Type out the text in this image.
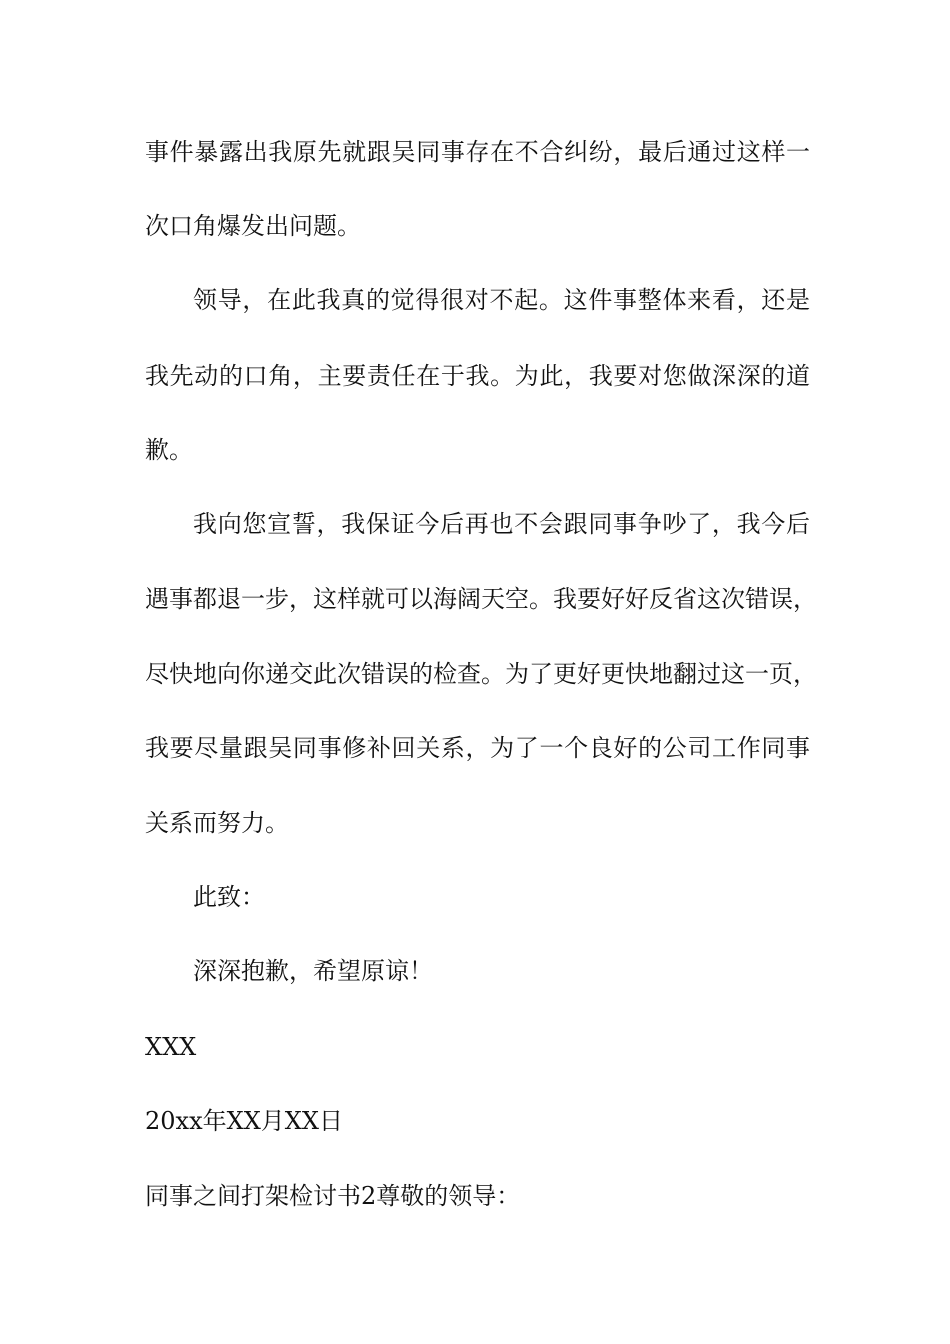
事件暴露出我原先就跟吴同事存在不合纠纷，最后通过这样一
次口角爆发出问题。
领导，在此我真的觉得很对不起。这件事整体来看，还是
我先动的口角，主要责任在于我。为此，我要对您做深深的道
歉。
我向您宣誓，我保证今后再也不会跟同事争吵了，我今后
遇事都退一步，这样就可以海阔天空。我要好好反省这次错误，
尽快地向你递交此次错误的检查。为了更好更快地翻过这一页，
我要尽量跟吴同事修补回关系，为了一个良好的公司工作同事
关系而努力。
此致：
深深抱歉，希望原谅！
XXX
20xx年XX月XX日
同事之间打架检讨书2尊敬的领导：
